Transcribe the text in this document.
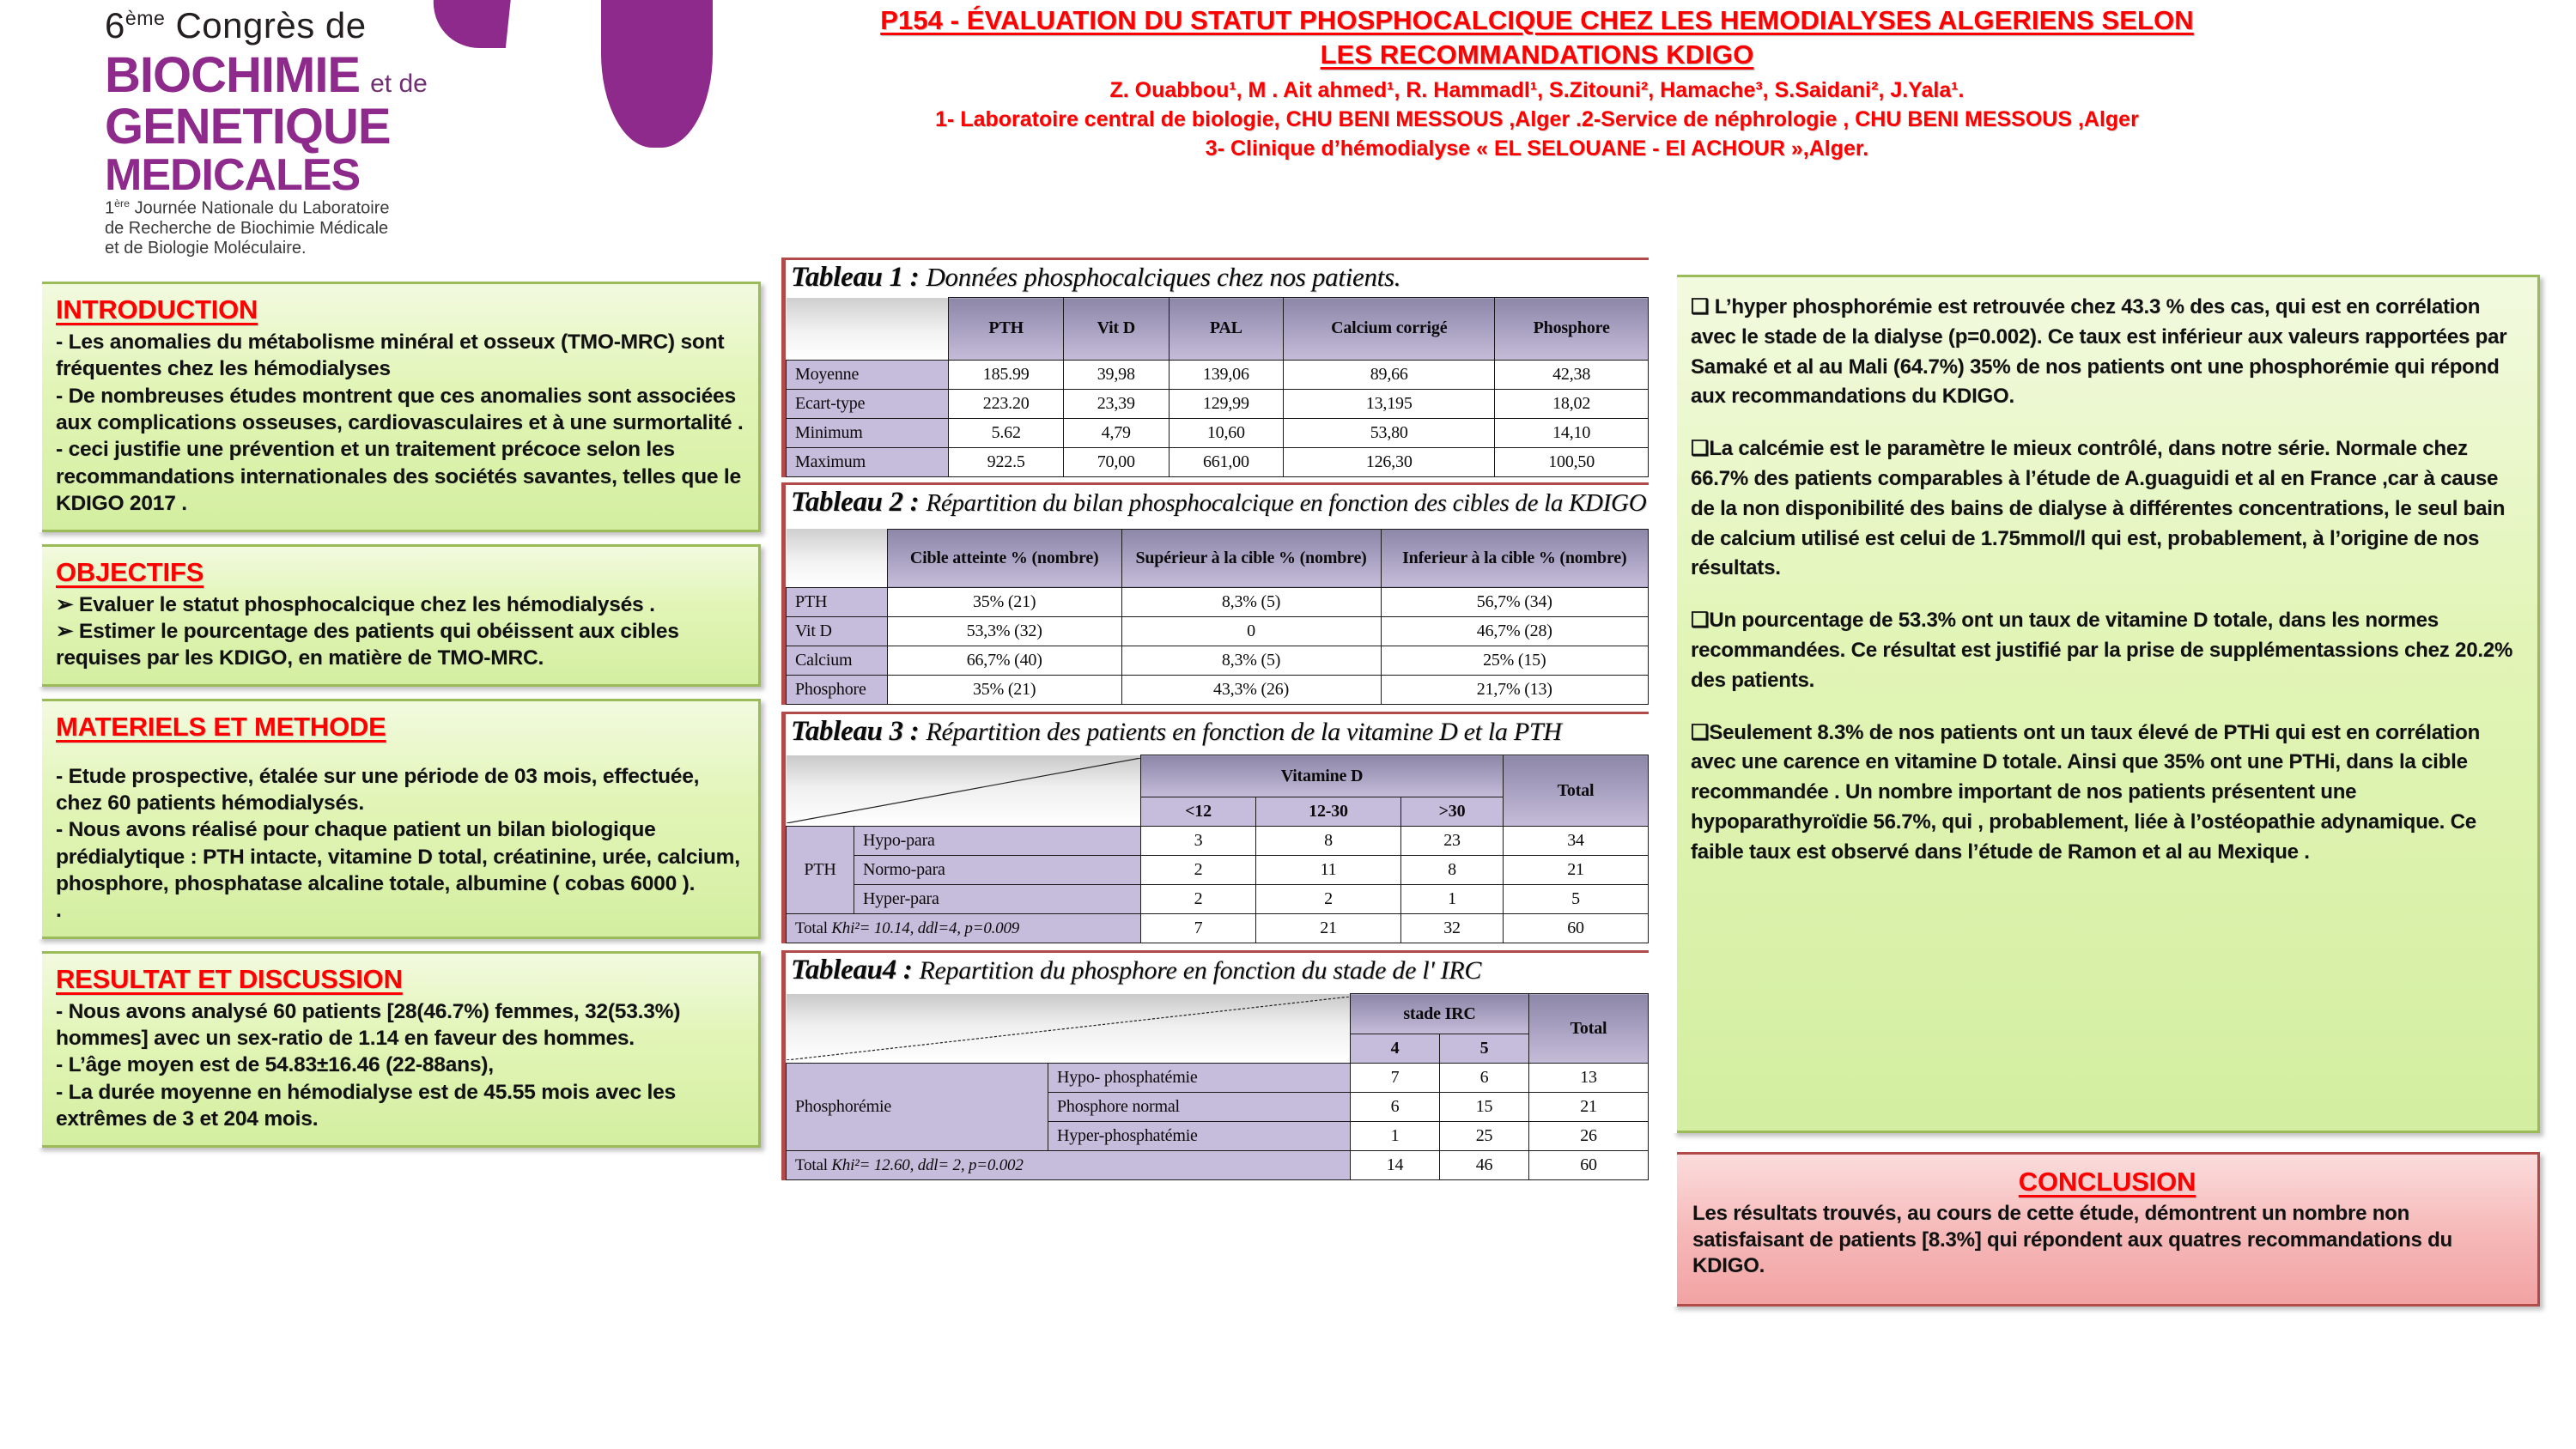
6ème Congrès de
BIOCHIMIE et de
GENETIQUE
MEDICALES
1ère Journée Nationale du Laboratoire
de Recherche de Biochimie Médicale
et de Biologie Moléculaire.
P154 - ÉVALUATION DU STATUT PHOSPHOCALCIQUE CHEZ LES HEMODIALYSES ALGERIENS SELON
LES RECOMMANDATIONS KDIGO
Z. Ouabbou¹, M . Ait ahmed¹, R. Hammadl¹, S.Zitouni², Hamache³, S.Saidani², J.Yala¹.
1- Laboratoire central de biologie, CHU BENI MESSOUS ,Alger .2-Service de néphrologie , CHU BENI MESSOUS ,Alger
3- Clinique d’hémodialyse « EL SELOUANE - El ACHOUR »,Alger.
INTRODUCTION
- Les anomalies du métabolisme minéral et osseux (TMO-MRC) sont fréquentes chez les hémodialyses
- De nombreuses études montrent que ces anomalies sont associées aux complications osseuses, cardiovasculaires et à une surmortalité .
- ceci justifie une prévention et un traitement précoce selon les recommandations internationales des sociétés savantes, telles que le KDIGO 2017 .
OBJECTIFS
➢ Evaluer le statut phosphocalcique chez les hémodialysés .
➢ Estimer le pourcentage des patients qui obéissent aux cibles requises par les KDIGO, en matière de TMO-MRC.
MATERIELS ET METHODE
- Etude prospective, étalée sur une période de 03 mois, effectuée, chez 60 patients hémodialysés.
- Nous avons réalisé pour chaque patient un bilan biologique prédialytique : PTH intacte, vitamine D total, créatinine, urée, calcium, phosphore, phosphatase alcaline totale, albumine ( cobas 6000 ).
.
RESULTAT ET DISCUSSION
- Nous avons analysé 60 patients [28(46.7%) femmes, 32(53.3%) hommes] avec un sex-ratio de 1.14 en faveur des hommes.
- L’âge moyen est de 54.83±16.46 (22-88ans),
- La durée moyenne en hémodialyse est de 45.55 mois avec les extrêmes de 3 et 204 mois.
Tableau 1 : Données phosphocalciques chez nos patients.
	PTH	Vit D	PAL	Calcium corrigé	Phosphore
Moyenne	185.99	39,98	139,06	89,66	42,38
Ecart-type	223.20	23,39	129,99	13,195	18,02
Minimum	5.62	4,79	10,60	53,80	14,10
Maximum	922.5	70,00	661,00	126,30	100,50
Tableau 2 : Répartition du bilan phosphocalcique en fonction des cibles de la KDIGO
	Cible atteinte % (nombre)	Supérieur à la cible % (nombre)	Inferieur à la cible % (nombre)
PTH	35% (21)	8,3% (5)	56,7% (34)
Vit D	53,3% (32)	0	46,7% (28)
Calcium	66,7% (40)	8,3% (5)	25% (15)
Phosphore	35% (21)	43,3% (26)	21,7% (13)
Tableau 3 : Répartition des patients en fonction de la vitamine D et la PTH
	Vitamine D			Total
		<12	12-30	>30	
PTH	Hypo-para	3	8	23	34
	Normo-para	2	11	8	21
	Hyper-para	2	2	1	5
Total Khi²= 10.14, ddl=4, p=0.009		7	21	32	60
Tableau4 : Repartition du phosphore en fonction du stade de l' IRC
	stade IRC		Total
		4	5	
Phosphorémie	Hypo- phosphatémie	7	6	13
	Phosphore normal	6	15	21
	Hyper-phosphatémie	1	25	26
Total Khi²= 12.60, ddl= 2, p=0.002		14	46	60
❑ L’hyper phosphorémie est retrouvée chez 43.3 % des cas, qui est en corrélation avec le stade de la dialyse (p=0.002). Ce taux est inférieur aux valeurs rapportées par Samaké et al au Mali (64.7%) 35% de nos patients ont une phosphorémie qui répond aux recommandations du KDIGO.
❑La calcémie est le paramètre le mieux contrôlé, dans notre série. Normale chez 66.7% des patients comparables à l’étude de A.guaguidi et al en France ,car à cause de la non disponibilité des bains de dialyse à différentes concentrations, le seul bain de calcium utilisé est celui de 1.75mmol/l qui est, probablement, à l’origine de nos résultats.
❑Un pourcentage de 53.3% ont un taux de vitamine D totale, dans les normes recommandées. Ce résultat est justifié par la prise de supplémentassions chez 20.2% des patients.
❑Seulement 8.3% de nos patients ont un taux élevé de PTHi qui est en corrélation avec une carence en vitamine D totale. Ainsi que 35% ont une PTHi, dans la cible recommandée . Un nombre important de nos patients présentent une hypoparathyroïdie 56.7%, qui , probablement, liée à l’ostéopathie adynamique. Ce faible taux est observé dans l’étude de Ramon et al au Mexique .
CONCLUSION
Les résultats trouvés, au cours de cette étude, démontrent un nombre non satisfaisant de patients [8.3%] qui répondent aux quatres recommandations du KDIGO.
